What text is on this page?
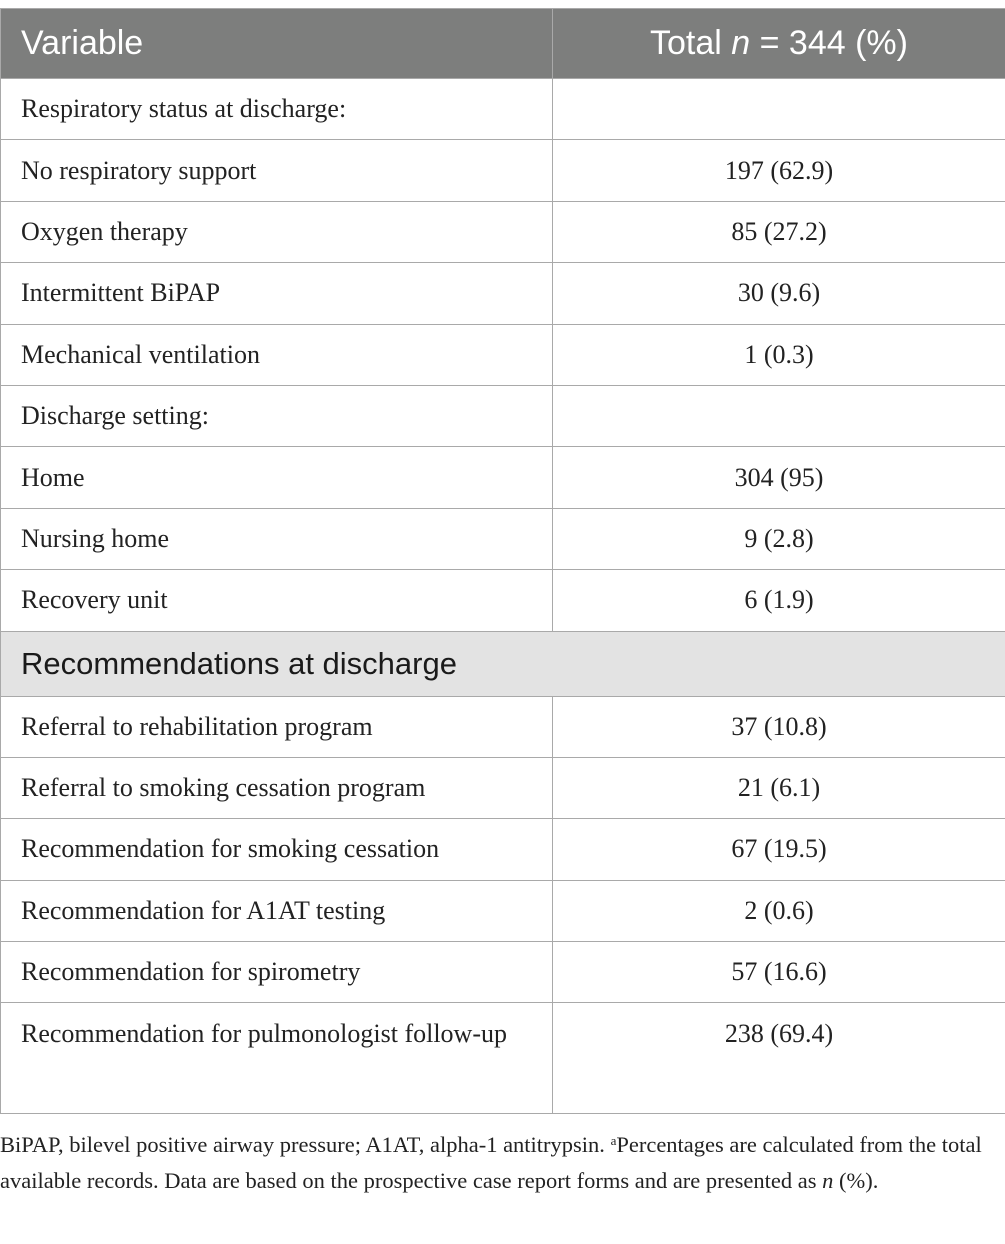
Variable	Total n = 344 (%)
Respiratory status at discharge:	
No respiratory support	197 (62.9)
Oxygen therapy	85 (27.2)
Intermittent BiPAP	30 (9.6)
Mechanical ventilation	1 (0.3)
Discharge setting:	
Home	304 (95)
Nursing home	9 (2.8)
Recovery unit	6 (1.9)
Recommendations at discharge	
Referral to rehabilitation program	37 (10.8)
Referral to smoking cessation program	21 (6.1)
Recommendation for smoking cessation	67 (19.5)
Recommendation for A1AT testing	2 (0.6)
Recommendation for spirometry	57 (16.6)
Recommendation for pulmonologist follow-up	238 (69.4)
BiPAP, bilevel positive airway pressure; A1AT, alpha-1 antitrypsin. $^a$Percentages are calculated from the total available records. Data are based on the prospective case report forms and are presented as n (%).
